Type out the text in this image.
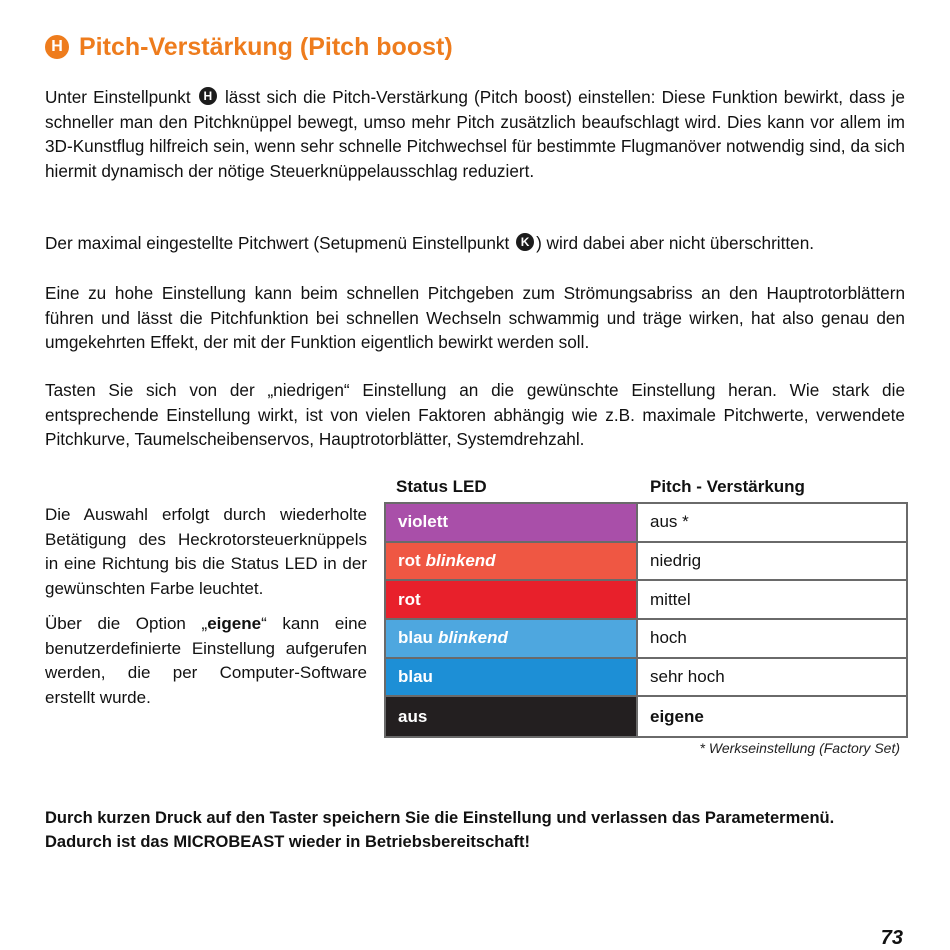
H Pitch-Verstärkung (Pitch boost)

Unter Einstellpunkt H lässt sich die Pitch-Verstärkung (Pitch boost) einstellen: Diese Funktion bewirkt, dass je schneller man den Pitchknüppel bewegt, umso mehr Pitch zusätzlich beaufschlagt wird. Dies kann vor allem im 3D-Kunstflug hilfreich sein, wenn sehr schnelle Pitchwechsel für bestimmte Flugmanöver notwendig sind, da sich hiermit dynamisch der nötige Steuerknüppelausschlag reduziert.

Der maximal eingestellte Pitchwert (Setupmenü Einstellpunkt K ) wird dabei aber nicht überschritten.

Eine zu hohe Einstellung kann beim schnellen Pitchgeben zum Strömungsabriss an den Hauptrotorblättern führen und lässt die Pitchfunktion bei schnellen Wechseln schwammig und träge wirken, hat also genau den umgekehrten Effekt, der mit der Funktion eigentlich bewirkt werden soll.

Tasten Sie sich von der „niedrigen“ Einstellung an die gewünschte Einstellung heran. Wie stark die entsprechende Einstellung wirkt, ist von vielen Faktoren abhängig wie z.B. maximale Pitchwerte, verwendete Pitchkurve, Taumelscheibenservos, Hauptrotorblätter, Systemdrehzahl.

Die Auswahl erfolgt durch wiederholte Betätigung des Heckrotorsteuerknüppels in eine Richtung bis die Status LED in der gewünschten Farbe leuchtet.

Über die Option „eigene“ kann eine benutzerdefinierte Einstellung aufgerufen werden, die per Computer-Software erstellt wurde.

Status LED	Pitch - Verstärkung
violett	aus *
rot blinkend	niedrig
rot	mittel
blau blinkend	hoch
blau	sehr hoch
aus	eigene
* Werkseinstellung (Factory Set)
Durch kurzen Druck auf den Taster speichern Sie die Einstellung und verlassen das Parametermenü.
Dadurch ist das MICROBEAST wieder in Betriebsbereitschaft!
73
